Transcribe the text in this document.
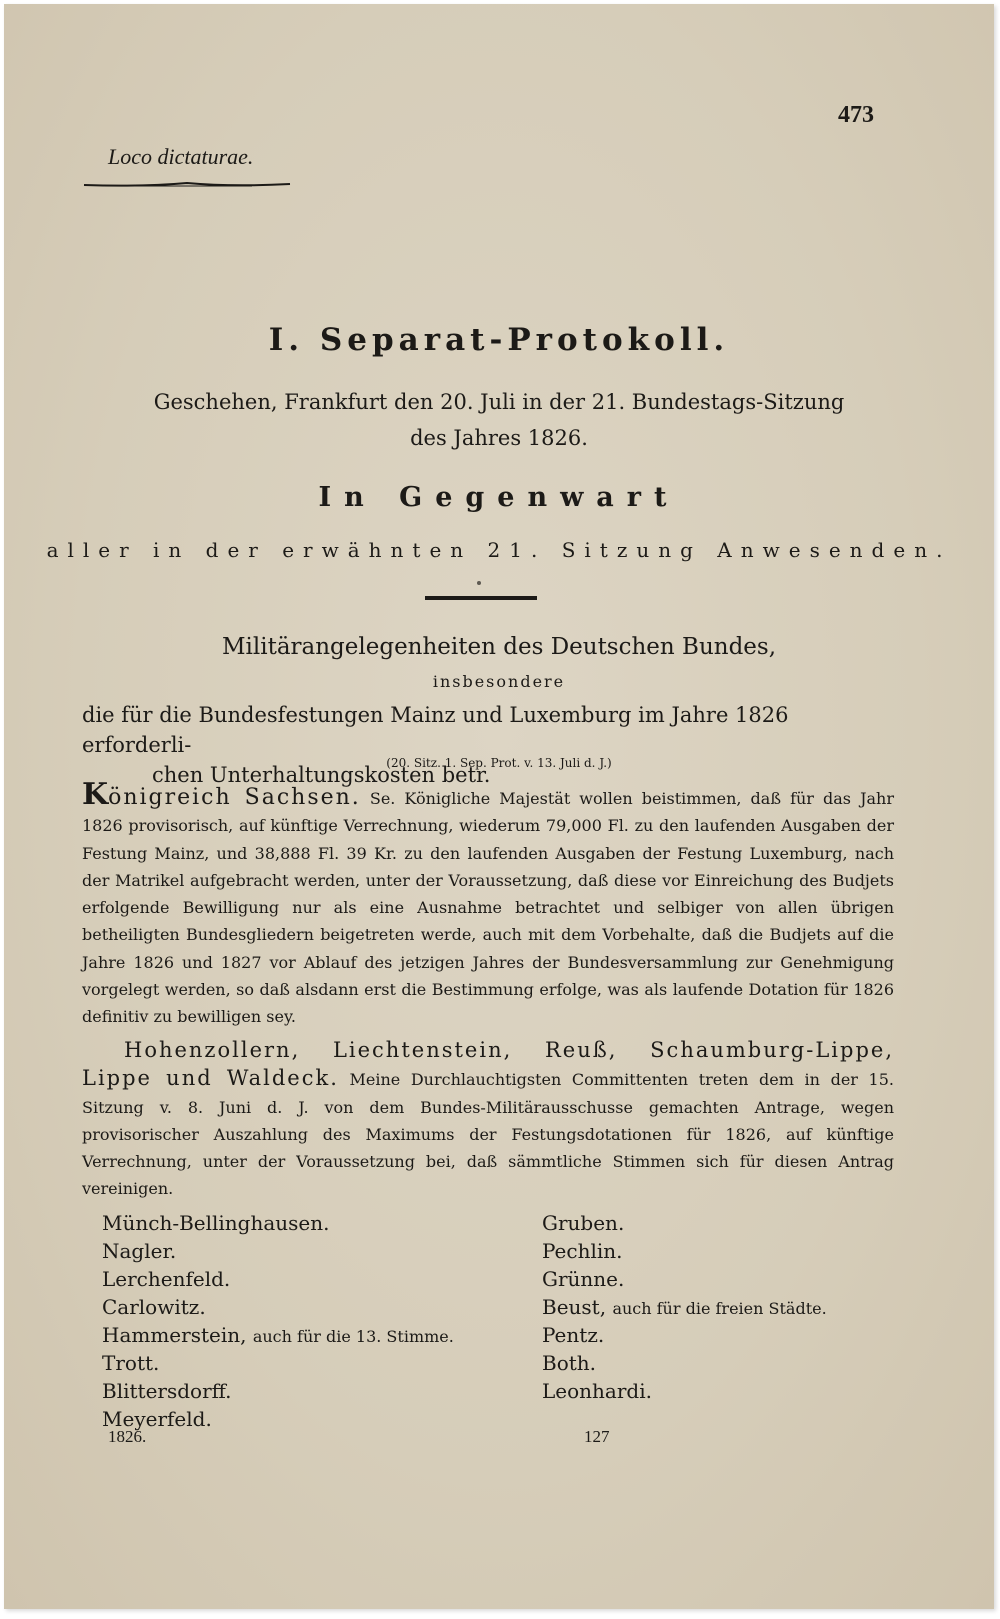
473
Loco dictaturae.
I. Separat-Protokoll.
Geschehen, Frankfurt den 20. Juli in der 21. Bundestags-Sitzung
des Jahres 1826.
In Gegenwart
aller in der erwähnten 21. Sitzung Anwesenden.
Militärangelegenheiten des Deutschen Bundes,
insbesondere
die für die Bundesfestungen Mainz und Luxemburg im Jahre 1826 erforderli-
chen Unterhaltungskosten betr.
(20. Sitz. 1. Sep. Prot. v. 13. Juli d. J.)
Königreich Sachsen. Se. Königliche Majestät wollen beistimmen, daß für das Jahr 1826 provisorisch, auf künftige Verrechnung, wiederum 79,000 Fl. zu den laufenden Ausgaben der Festung Mainz, und 38,888 Fl. 39 Kr. zu den laufenden Ausgaben der Festung Luxemburg, nach der Matrikel aufgebracht werden, unter der Voraussetzung, daß diese vor Einreichung des Budjets erfolgende Bewilligung nur als eine Ausnahme betrachtet und selbiger von allen übrigen betheiligten Bundesgliedern beigetreten werde, auch mit dem Vorbehalte, daß die Budjets auf die Jahre 1826 und 1827 vor Ablauf des jetzigen Jahres der Bundesversammlung zur Genehmigung vorgelegt werden, so daß alsdann erst die Bestimmung erfolge, was als laufende Dotation für 1826 definitiv zu bewilligen sey.
Hohenzollern, Liechtenstein, Reuß, Schaumburg-Lippe, Lippe und Waldeck. Meine Durchlauchtigsten Committenten treten dem in der 15. Sitzung v. 8. Juni d. J. von dem Bundes-Militärausschusse gemachten Antrage, wegen provisorischer Auszahlung des Maximums der Festungsdotationen für 1826, auf künftige Verrechnung, unter der Voraussetzung bei, daß sämmtliche Stimmen sich für diesen Antrag vereinigen.
Münch-Bellinghausen.
Nagler.
Lerchenfeld.
Carlowitz.
Hammerstein, auch für die 13. Stimme.
Trott.
Blittersdorff.
Meyerfeld.
Gruben.
Pechlin.
Grünne.
Beust, auch für die freien Städte.
Pentz.
Both.
Leonhardi.
1826.	127
